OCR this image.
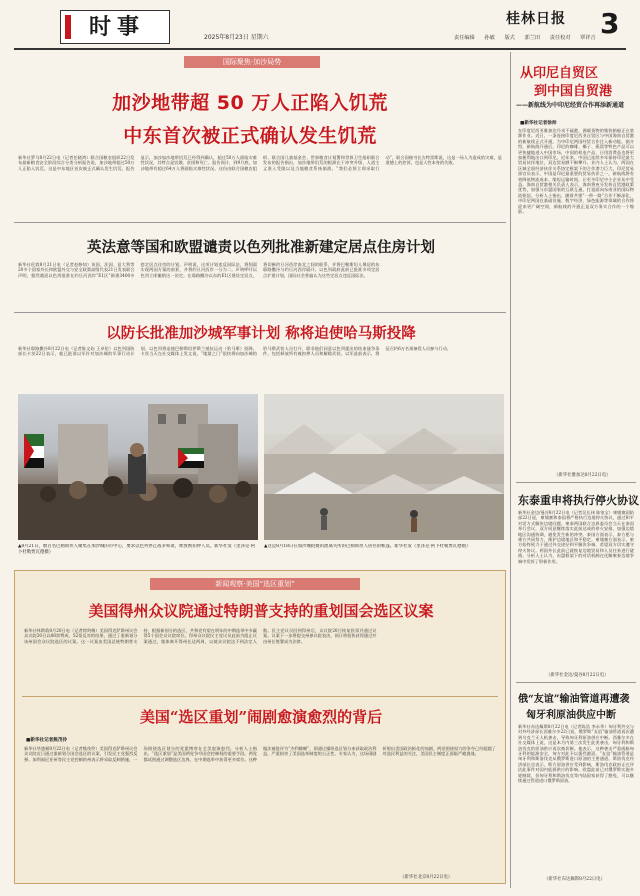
时事	2025年8月23日 星期六
桂林日报 3
责任编辑 孙敏 版式 郭兰田 责任校对 覃祥吉
国际聚焦·加沙局势
加沙地带超 50 万人正陷入饥荒
中东首次被正式确认发生饥荒
新华社罗马8月22日电（记者任晓鸿）联合国粮农组织22日发布最新粮食安全阶段综合分类分析报告说，加沙地带超过50万人正陷入饥荒。这是中东地区首次被正式确认发生饥荒。报告显示，加沙加沙地带饥荒已经得到确认，超过50万人面临灾难性状况，其特点是饥饿、贫困和死亡。报告预计，到9月底，加沙地带有超过64万人将面临灾难性状况。这份由联合国粮农组织、联合国儿童基金会、世界粮食计划署和世界卫生组织联合发布的报告指出，加沙地带饥荒的根源在于冲突升级、人道主义准入受限以及当地粮食系统崩溃。“我们必须立即采取行动”，联合国秘书长古特雷斯说，这是一场人为造成的灾难，是道德上的控诉，也是人性本身的失败。
英法意等国和欧盟谴责以色列批准新建定居点住房计划
新华社伦敦8月21日电（记者赵修知）英国、法国、意大利等20多个国家外长和欧盟外交与安全政策高级代表21日发表联合声明，强烈谴责以色列批准在约旦河西岸“E1区”新建3400多套定居点住房的计划。声明说，这项计划违反国际法，将削弱实现两国方案的前景，并将约旦河西岸一分为二。声明呼吁以色列立即撤销这一决定。在耶路撒冷以东的E1区建设定居点，将切断约旦河西岸南北之间的联系，并将巴勒斯坦人聚居的东耶路撒冷与约旦河西岸隔开。以色列政府此前已批准多项定居点扩建计划，国际社会普遍认为这些定居点违反国际法。
以防长批准加沙城军事计划 称将迫使哈马斯投降
新华社耶路撒冷8月22日电（记者陈文仙 王卓伦）以色列国防部长卡茨22日表示，他已批准以军针对加沙城的军事行动计划，以色列将迫使巴勒斯坦伊斯兰抵抗运动（哈马斯）投降。卡茨当天在社交媒体上发文说，“地狱之门”很快将向加沙城的哈马斯武装人员打开，除非他们同意以色列提出的结束战争条件，包括释放所有被扣押人员和解除武装。以军此前表示，将征召约6万名预备役人员参与行动。
▲8月21日，数百名巴勒斯坦人聚集在加沙城的市中心，要求以色列停止战争和谈，释放被扣押人员。新华社发（里泽克·阿卜杜勒贾瓦德摄）
▲这是8月18日在加沙城拍摄的流离失所的巴勒斯坦人居住的帐篷。新华社发（里泽克·阿卜杜勒贾瓦德摄）
新闻观察·美国“选区重划”
美国得州众议院通过特朗普支持的重划国会选区议案
新华社休斯敦8月20日电（记者徐剑梅）美国得克萨斯州议会众议院20日以88票赞成、52票反对的结果，通过了重新划分该州国会众议院选区的议案。这一议案由美国总统特朗普支持，根据新划分的选区，共和党有望在明年的中期选举中多赢得5个国会众议院席位。得州众议院民主党议员此前为阻止议案通过，集体离开得州长达两周，以使众议院达不到法定人数。民主党议员回到得州后，众议院20日恢复投票并通过议案。议案下一步将提交州参议院表决，预计将很快获得通过并由州长签署成为法律。
美国“选区重划”闹剧愈演愈烈的背后
■新华社记者熊茂伶
新华社华盛顿8月22日电（记者熊茂伶）美国得克萨斯州议会众议院近日通过重新划分国会选区的议案，引发民主党强烈反弹。加利福尼亚州等民主党控制的州表示将采取反制措施，一场围绕选区划分的党派博弈在全美愈演愈烈。分析人士指出，“选区重划”是美国两党争夺国会控制权的重要手段。两党都试图通过调整选区边界，在中期选举中获得更多席位。这种做法被批评为“杰利蝾螈”，即通过操纵选区划分来获取政治利益，严重损害了美国选举制度的公正性。专家认为，这场闹剧折射出美国政治极化的加剧，两党围绕权力的争夺已经超越了对选民利益的关注，美国民主制度正面临严峻挑战。
（新华社北京8月22日电）
从印尼自贸区
到中国自贸港
——新航线为中印尼经贸合作再添新通道
■新华社记者徐帅
在印度尼西亚雅加达丹戎不碌港，满载货物的集装箱船正在装卸作业。近日，一条连接印度尼西亚自贸区与中国海南自贸港的新航线正式开通，为中印尼两国经贸合作注入新动能。据介绍，新航线开通后，印尼的咖啡、椰子、燕窝等特色产品可以更快捷地进入中国市场，中国的机电产品、日用消费品也将更加便利地出口到印尼。近年来，中国已连续多年保持印尼最大贸易伙伴地位，双边贸易额不断攀升。业内人士认为，两国在区域全面经济伙伴关系协定框架下的合作潜力巨大。印尼贸易部官员表示，中国是印尼最重要的贸易伙伴之一，新航线将有效降低物流成本、缩短运输时间，让更多印尼中小企业从中受益。海南自贸港相关负责人表示，海南将充分发挥自贸港政策优势，加强与东盟国家的互联互通，打造面向东南亚的国际物流枢纽。分析人士指出，随着共建“一带一路”合作不断深化，中印尼两国在基础设施、数字经济、绿色能源等领域的合作将迎来更广阔空间，新航线的开通正是双方务实合作的一个缩影。
（新华社雅加达8月22日电）
东泰重申将执行停火协议
新华社金边/曼谷8月22日电（记者吴长伟 陈家宝）柬埔寨国防部22日说，柬埔寨和泰国将严格执行边境停火协议，通过和平对话方式解决边境问题。柬泰两国联合边界委员会当天在泰国举行会议，双方同意继续落实此前达成的停火安排，加强边境地区沟通协调，避免发生新的冲突。泰国方面表示，泰方愿与柬方共同努力，维护边境地区和平稳定。柬埔寨方面表示，柬方始终致力于通过外交途径和平解决争端，希望双方切实遵守停火协议。两国外长此前已就恢复边境贸易和人员往来进行磋商。分析人士认为，东盟框架下的对话机制在化解柬泰边境争端中发挥了积极作用。
（新华社金边/曼谷8月22日电）
俄“友谊”输油管道再遭袭
匈牙利原油供应中断
新华社布达佩斯8月22日电（记者陈浩 李永华）匈牙利外交与对外经济部长西雅尔多22日说，俄罗斯“友谊”输油管道再次遭到乌克兰无人机袭击，导致匈牙利原油供应中断。西雅尔多在社交媒体上说，这是本月内第三次发生此类袭击，匈牙利和斯洛伐克的原油供应再次被切断。他表示，这种袭击严重威胁匈牙利的能源安全，匈方对此予以强烈谴责。“友谊”输油管道是匈牙利和斯洛伐克从俄罗斯进口原油的主要通道。斯洛伐克经济部长也表示，斯方原油供应受到影响，斯洛伐克政府正在评估此事件对国内能源供应的影响。欧盟此前已对俄罗斯实施多轮制裁，但匈牙利和斯洛伐克等内陆国家获得了豁免，可以继续通过管道进口俄罗斯原油。
（新华社布达佩斯8月22日电）
